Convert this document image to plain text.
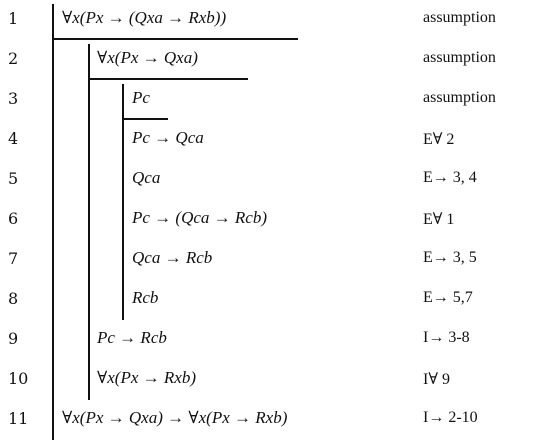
1	∀x(Px → (Qxa → Rxb))	assumption
2	∀x(Px → Qxa)	assumption
3	Pc	assumption
4	Pc → Qca	E∀ 2
5	Qca	E→ 3, 4
6	Pc → (Qca → Rcb)	E∀ 1
7	Qca → Rcb	E→ 3, 5
8	Rcb	E→ 5,7
9	Pc → Rcb	I→ 3-8
10	∀x(Px → Rxb)	I∀ 9
11	∀x(Px → Qxa) → ∀x(Px → Rxb)	I→ 2-10
